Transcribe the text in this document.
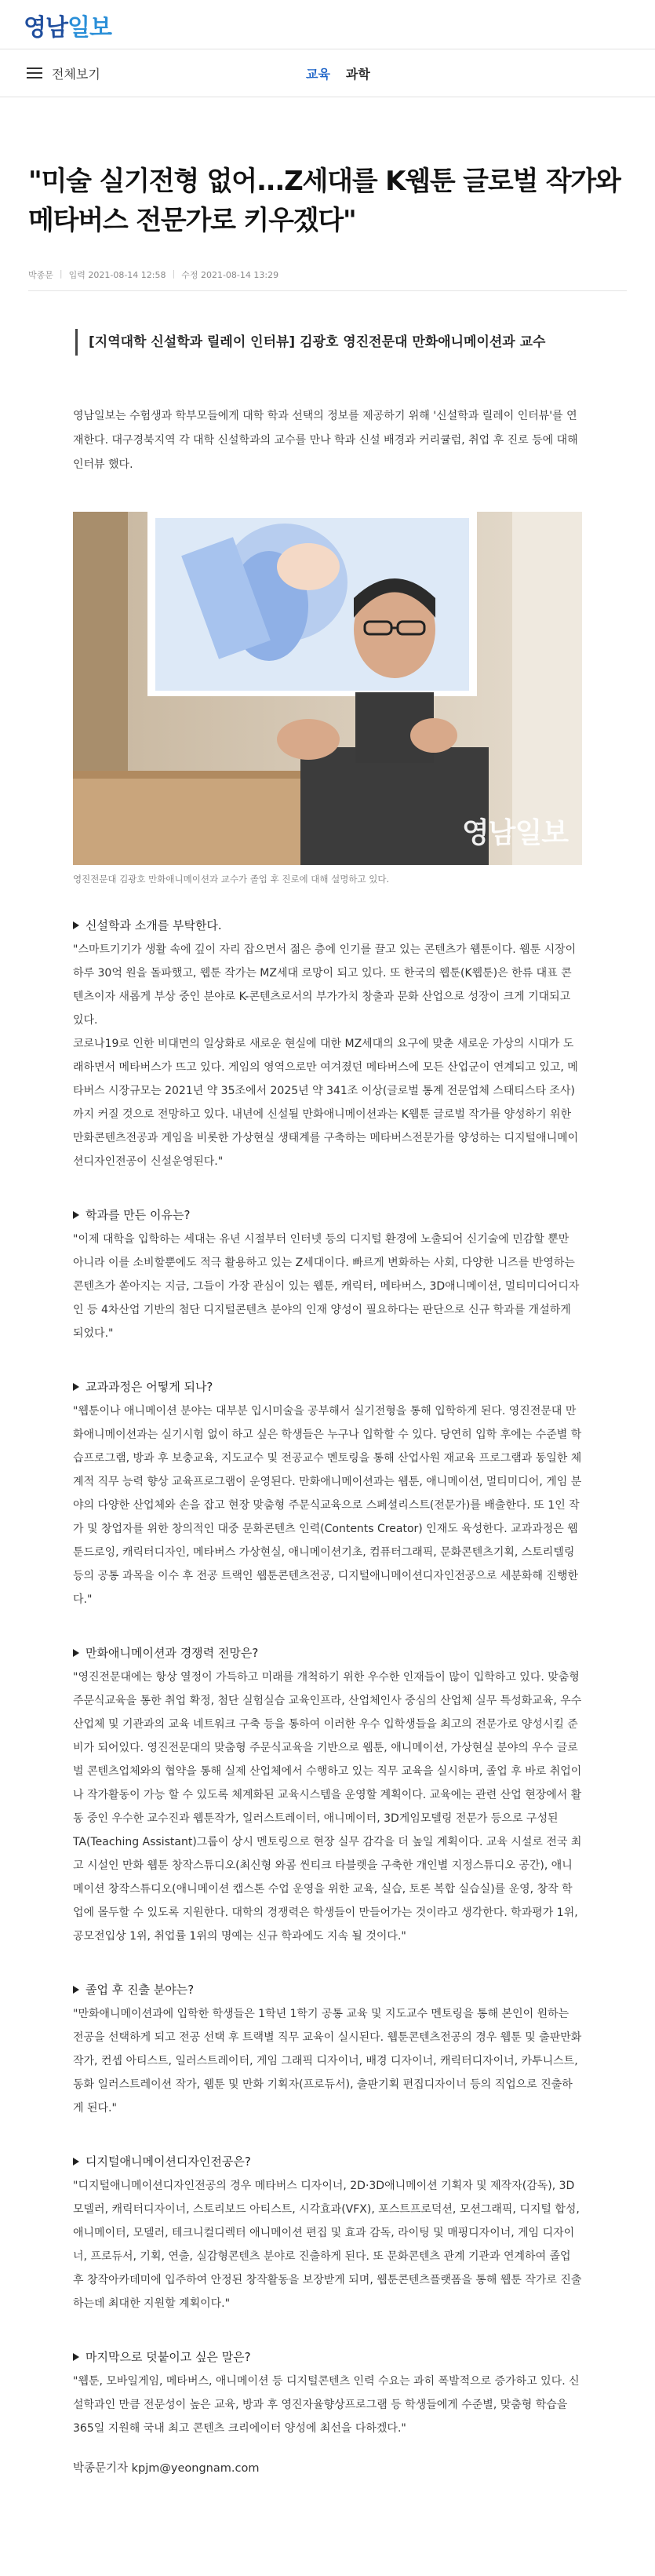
영남일보
전체보기	교육 과학
"미술 실기전형 없어...Z세대를 K웹툰 글로벌 작가와 메타버스 전문가로 키우겠다"
박종문 | 입력 2021-08-14 12:58 | 수정 2021-08-14 13:29
[지역대학 신설학과 릴레이 인터뷰] 김광호 영진전문대 만화애니메이션과 교수
영남일보는 수험생과 학부모들에게 대학 학과 선택의 정보를 제공하기 위해 '신설학과 릴레이 인터뷰'를 연재한다. 대구경북지역 각 대학 신설학과의 교수를 만나 학과 신설 배경과 커리큘럼, 취업 후 진로 등에 대해 인터뷰 했다.
영남일보
영진전문대 김광호 만화애니메이션과 교수가 졸업 후 진로에 대해 설명하고 있다.
신설학과 소개를 부탁한다.
"스마트기기가 생활 속에 깊이 자리 잡으면서 젊은 층에 인기를 끌고 있는 콘텐츠가 웹툰이다. 웹툰 시장이 하루 30억 원을 돌파했고, 웹툰 작가는 MZ세대 로망이 되고 있다. 또 한국의 웹툰(K웹툰)은 한류 대표 콘텐츠이자 새롭게 부상 중인 분야로 K-콘텐츠로서의 부가가치 창출과 문화 산업으로 성장이 크게 기대되고 있다.
코로나19로 인한 비대면의 일상화로 새로운 현실에 대한 MZ세대의 요구에 맞춘 새로운 가상의 시대가 도래하면서 메타버스가 뜨고 있다. 게임의 영역으로만 여겨졌던 메타버스에 모든 산업군이 연계되고 있고, 메타버스 시장규모는 2021년 약 35조에서 2025년 약 341조 이상(글로벌 통계 전문업체 스태티스타 조사)까지 커질 것으로 전망하고 있다. 내년에 신설될 만화애니메이션과는 K웹툰 글로벌 작가를 양성하기 위한 만화콘텐츠전공과 게임을 비롯한 가상현실 생태계를 구축하는 메타버스전문가를 양성하는 디지털애니메이션디자인전공이 신설운영된다."
학과를 만든 이유는?
"이제 대학을 입학하는 세대는 유년 시절부터 인터넷 등의 디지털 환경에 노출되어 신기술에 민감할 뿐만 아니라 이를 소비할뿐에도 적극 활용하고 있는 Z세대이다. 빠르게 변화하는 사회, 다양한 니즈를 반영하는 콘텐츠가 쏟아지는 지금, 그들이 가장 관심이 있는 웹툰, 캐릭터, 메타버스, 3D애니메이션, 멀티미디어디자인 등 4차산업 기반의 첨단 디지털콘텐츠 분야의 인재 양성이 필요하다는 판단으로 신규 학과를 개설하게 되었다."
교과과정은 어떻게 되나?
"웹툰이나 애니메이션 분야는 대부분 입시미술을 공부해서 실기전형을 통해 입학하게 된다. 영진전문대 만화애니메이션과는 실기시험 없이 하고 싶은 학생들은 누구나 입학할 수 있다. 당연히 입학 후에는 수준별 학습프로그램, 방과 후 보충교육, 지도교수 및 전공교수 멘토링을 통해 산업사원 재교육 프로그램과 동일한 체계적 직무 능력 향상 교육프로그램이 운영된다. 만화애니메이션과는 웹툰, 애니메이션, 멀티미디어, 게임 분야의 다양한 산업체와 손을 잡고 현장 맞춤형 주문식교육으로 스페셜리스트(전문가)를 배출한다. 또 1인 작가 및 창업자를 위한 창의적인 대중 문화콘텐츠 인력(Contents Creator) 인재도 육성한다. 교과과정은 웹툰드로잉, 캐릭터디자인, 메타버스 가상현실, 애니메이션기초, 컴퓨터그래픽, 문화콘텐츠기획, 스토리텔링 등의 공통 과목을 이수 후 전공 트랙인 웹툰콘텐츠전공, 디지털애니메이션디자인전공으로 세분화해 진행한다."
만화애니메이션과 경쟁력 전망은?
"영진전문대에는 항상 열정이 가득하고 미래를 개척하기 위한 우수한 인재들이 많이 입학하고 있다. 맞춤형주문식교육을 통한 취업 확정, 첨단 실험실습 교육인프라, 산업체인사 중심의 산업체 실무 특성화교육, 우수 산업체 및 기관과의 교육 네트워크 구축 등을 통하여 이러한 우수 입학생들을 최고의 전문가로 양성시킬 준비가 되어있다. 영진전문대의 맞춤형 주문식교육을 기반으로 웹툰, 애니메이션, 가상현실 분야의 우수 글로벌 콘텐츠업체와의 협약을 통해 실제 산업체에서 수행하고 있는 직무 교육을 실시하며, 졸업 후 바로 취업이나 작가활동이 가능 할 수 있도록 체계화된 교육시스템을 운영할 계획이다. 교육에는 관련 산업 현장에서 활동 중인 우수한 교수진과 웹툰작가, 일러스트레이터, 애니메이터, 3D게임모델링 전문가 등으로 구성된 TA(Teaching Assistant)그룹이 상시 멘토링으로 현장 실무 감각을 더 높일 계획이다. 교육 시설로 전국 최고 시설인 만화 웹툰 창작스튜디오(최신형 와콤 씬티크 타블렛을 구축한 개인별 지정스튜디오 공간), 애니메이션 창작스튜디오(애니메이션 캡스톤 수업 운영을 위한 교육, 실습, 토론 복합 실습실)를 운영, 창작 학업에 몰두할 수 있도록 지원한다. 대학의 경쟁력은 학생들이 만들어가는 것이라고 생각한다. 학과평가 1위, 공모전입상 1위, 취업률 1위의 명예는 신규 학과에도 지속 될 것이다."
졸업 후 진출 분야는?
"만화애니메이션과에 입학한 학생들은 1학년 1학기 공통 교육 및 지도교수 멘토링을 통해 본인이 원하는 전공을 선택하게 되고 전공 선택 후 트랙별 직무 교육이 실시된다. 웹툰콘텐츠전공의 경우 웹툰 및 출판만화 작가, 컨셉 아티스트, 일러스트레이터, 게임 그래픽 디자이너, 배경 디자이너, 캐릭터디자이너, 카투니스트, 동화 일러스트레이션 작가, 웹툰 및 만화 기획자(프로듀서), 출판기획 편집디자이너 등의 직업으로 진출하게 된다."
디지털애니메이션디자인전공은?
"디지털애니메이션디자인전공의 경우 메타버스 디자이너, 2D·3D애니메이션 기획자 및 제작자(감독), 3D 모델러, 캐릭터디자이너, 스토리보드 아티스트, 시각효과(VFX), 포스트프로덕션, 모션그래픽, 디지털 합성, 애니메이터, 모델러, 테크니컬디렉터 애니메이션 편집 및 효과 감독, 라이팅 및 매핑디자이너, 게임 디자이너, 프로듀서, 기획, 연출, 실감형콘텐츠 분야로 진출하게 된다. 또 문화콘텐츠 관계 기관과 연계하여 졸업 후 창작아카데미에 입주하여 안정된 창작활동을 보장받게 되며, 웹툰콘텐츠플랫폼을 통해 웹툰 작가로 진출하는데 최대한 지원할 계획이다."
마지막으로 덧붙이고 싶은 말은?
"웹툰, 모바일게임, 메타버스, 애니메이션 등 디지털콘텐츠 인력 수요는 과히 폭발적으로 증가하고 있다. 신설학과인 만큼 전문성이 높은 교육, 방과 후 영진자율향상프로그램 등 학생들에게 수준별, 맞춤형 학습을 365일 지원해 국내 최고 콘텐츠 크리에이터 양성에 최선을 다하겠다."
박종문기자 kpjm@yeongnam.com
